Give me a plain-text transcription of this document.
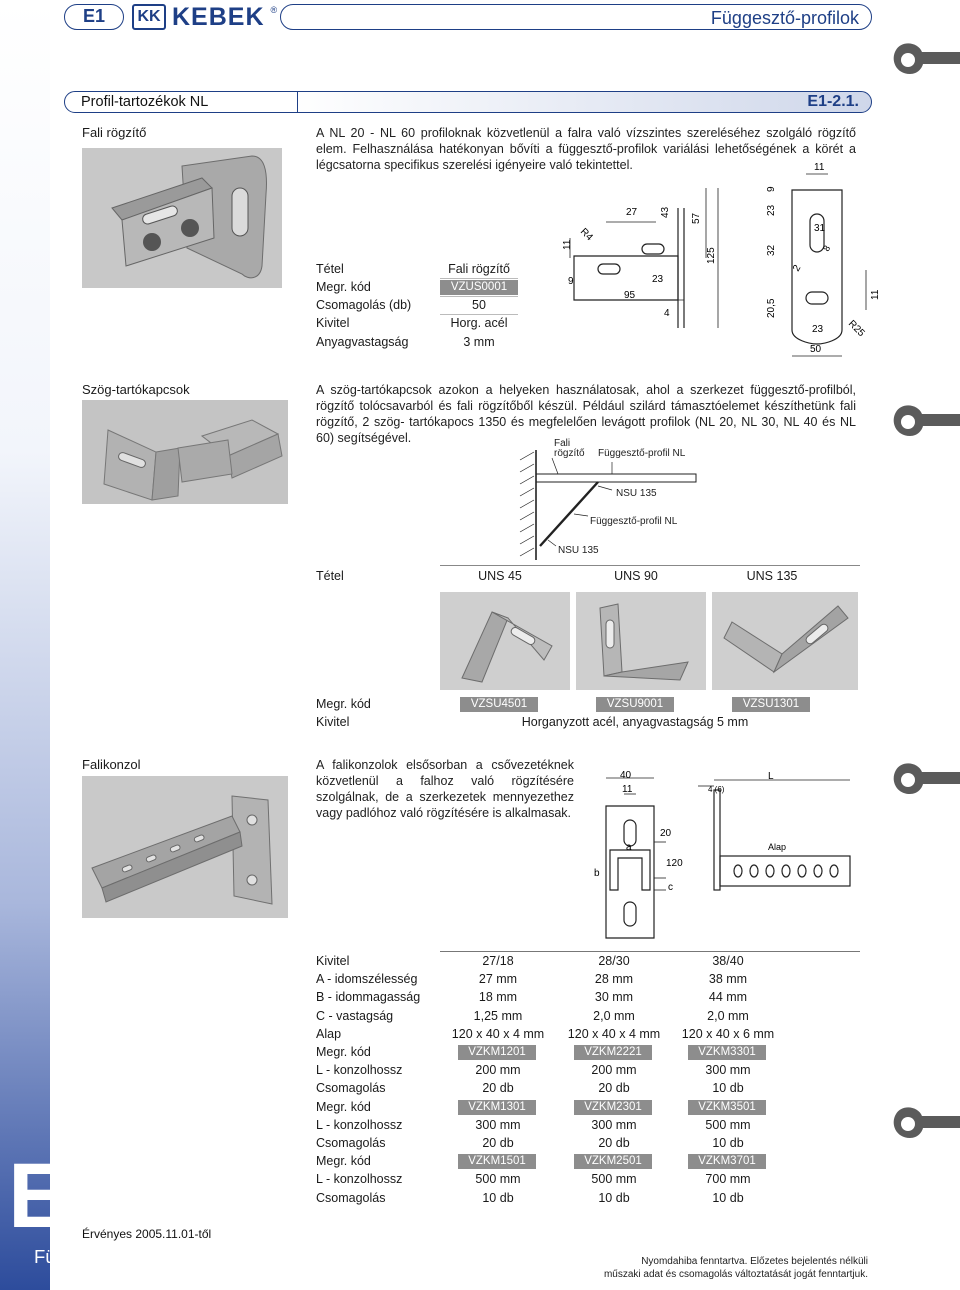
E
E1	KK KEBEK ®	Függesztő-profilok
Profil-tartozékok NL	E1-2.1.
Fali rögzítő	A NL 20 - NL 60 profiloknak közvetlenül a falra való vízszintes szereléséhez szolgáló rögzítő elem. Felhasználása hatékonyan bővíti a függesztő-profilok variálási lehetőségének a körét a légcsatorna specifikus szerelési igényeire való tekintettel.
Tétel	Fali rögzítő
Megr. kód	VZUS0001
Csomagolás (db)	50
Kivitel	Horg. acél
Anyagvastagság	3 mm
11
R4
27 43
57
125
9	23
95
4
11
23
9
31
32
2
8
20,5
23
50
R25
11
Szög-tartókapcsok	A szög-tartókapcsok azokon a helyeken használatosak, ahol a szerkezet függesztő-profilból, rögzítő tolócsavarból és fali rögzítőből készül. Például szilárd támasztóelemet készíthetünk fali rögzítő, 2 szög- tartókapocs 1350 és megfelelően levágott profilok (NL 20, NL 30, NL 40 és NL 60) segítségével.	Fali
rögzítő Függesztő-profil NL
NSU 135
Függesztő-profil NL
NSU 135
Tétel	UNS 45	UNS 90	UNS 135
Megr. kód	VZSU4501	VZSU9001	VZSU1301
Kivitel	Horganyzott acél, anyagvastagság 5 mm
Falikonzol	A falikonzolok elsősorban a csővezetéknek közvetlenül a falhoz való rögzítésére szolgálnak, de a szerkezetek mennyezethez vagy padlóhoz való rögzítésére is alkalmasak.
40
11
20
a
b
120
c
L
4 (6)
Alap
Kivitel	27/18	28/30	38/40
A - idomszélesség	27 mm	28 mm	38 mm
B - idommagasság	18 mm	30 mm	44 mm
C - vastagság	1,25 mm	2,0 mm	2,0 mm
Alap	120 x 40 x 4 mm	120 x 40 x 4 mm	120 x 40 x 6 mm
Megr. kód	VZKM1201	VZKM2221	VZKM3301
L - konzolhossz	200 mm	200 mm	300 mm
Csomagolás	20 db	20 db	10 db
Megr. kód	VZKM1301	VZKM2301	VZKM3501
L - konzolhossz	300 mm	300 mm	500 mm
Csomagolás	20 db	20 db	10 db
Megr. kód	VZKM1501	VZKM2501	VZKM3701
L - konzolhossz	500 mm	500 mm	700 mm
Csomagolás	10 db	10 db	10 db
Érvényes 2005.11.01-től
Függesztő technika	Nyomdahiba fenntartva. Előzetes bejelentés nélküli
műszaki adat és csomagolás változtatását jogát fenntartjuk.
